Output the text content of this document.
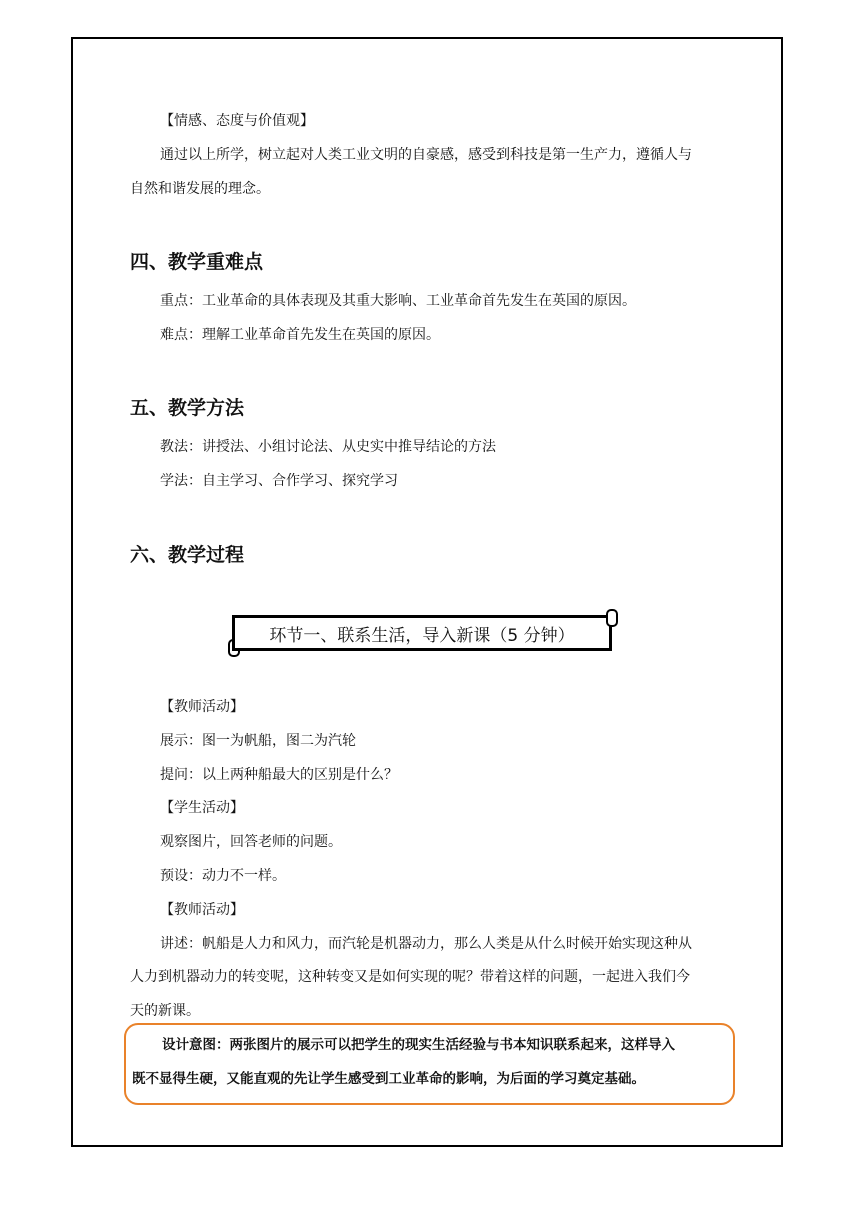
【情感、态度与价值观】
通过以上所学，树立起对人类工业文明的自豪感，感受到科技是第一生产力，遵循人与
自然和谐发展的理念。
四、教学重难点
重点：工业革命的具体表现及其重大影响、工业革命首先发生在英国的原因。
难点：理解工业革命首先发生在英国的原因。
五、教学方法
教法：讲授法、小组讨论法、从史实中推导结论的方法
学法：自主学习、合作学习、探究学习
六、教学过程
环节一、联系生活，导入新课（5 分钟）
【教师活动】
展示：图一为帆船，图二为汽轮
提问：以上两种船最大的区别是什么？
【学生活动】
观察图片，回答老师的问题。
预设：动力不一样。
【教师活动】
讲述：帆船是人力和风力，而汽轮是机器动力，那么人类是从什么时候开始实现这种从
人力到机器动力的转变呢，这种转变又是如何实现的呢？带着这样的问题，一起进入我们今
天的新课。
设计意图：两张图片的展示可以把学生的现实生活经验与书本知识联系起来，这样导入
既不显得生硬，又能直观的先让学生感受到工业革命的影响，为后面的学习奠定基础。
